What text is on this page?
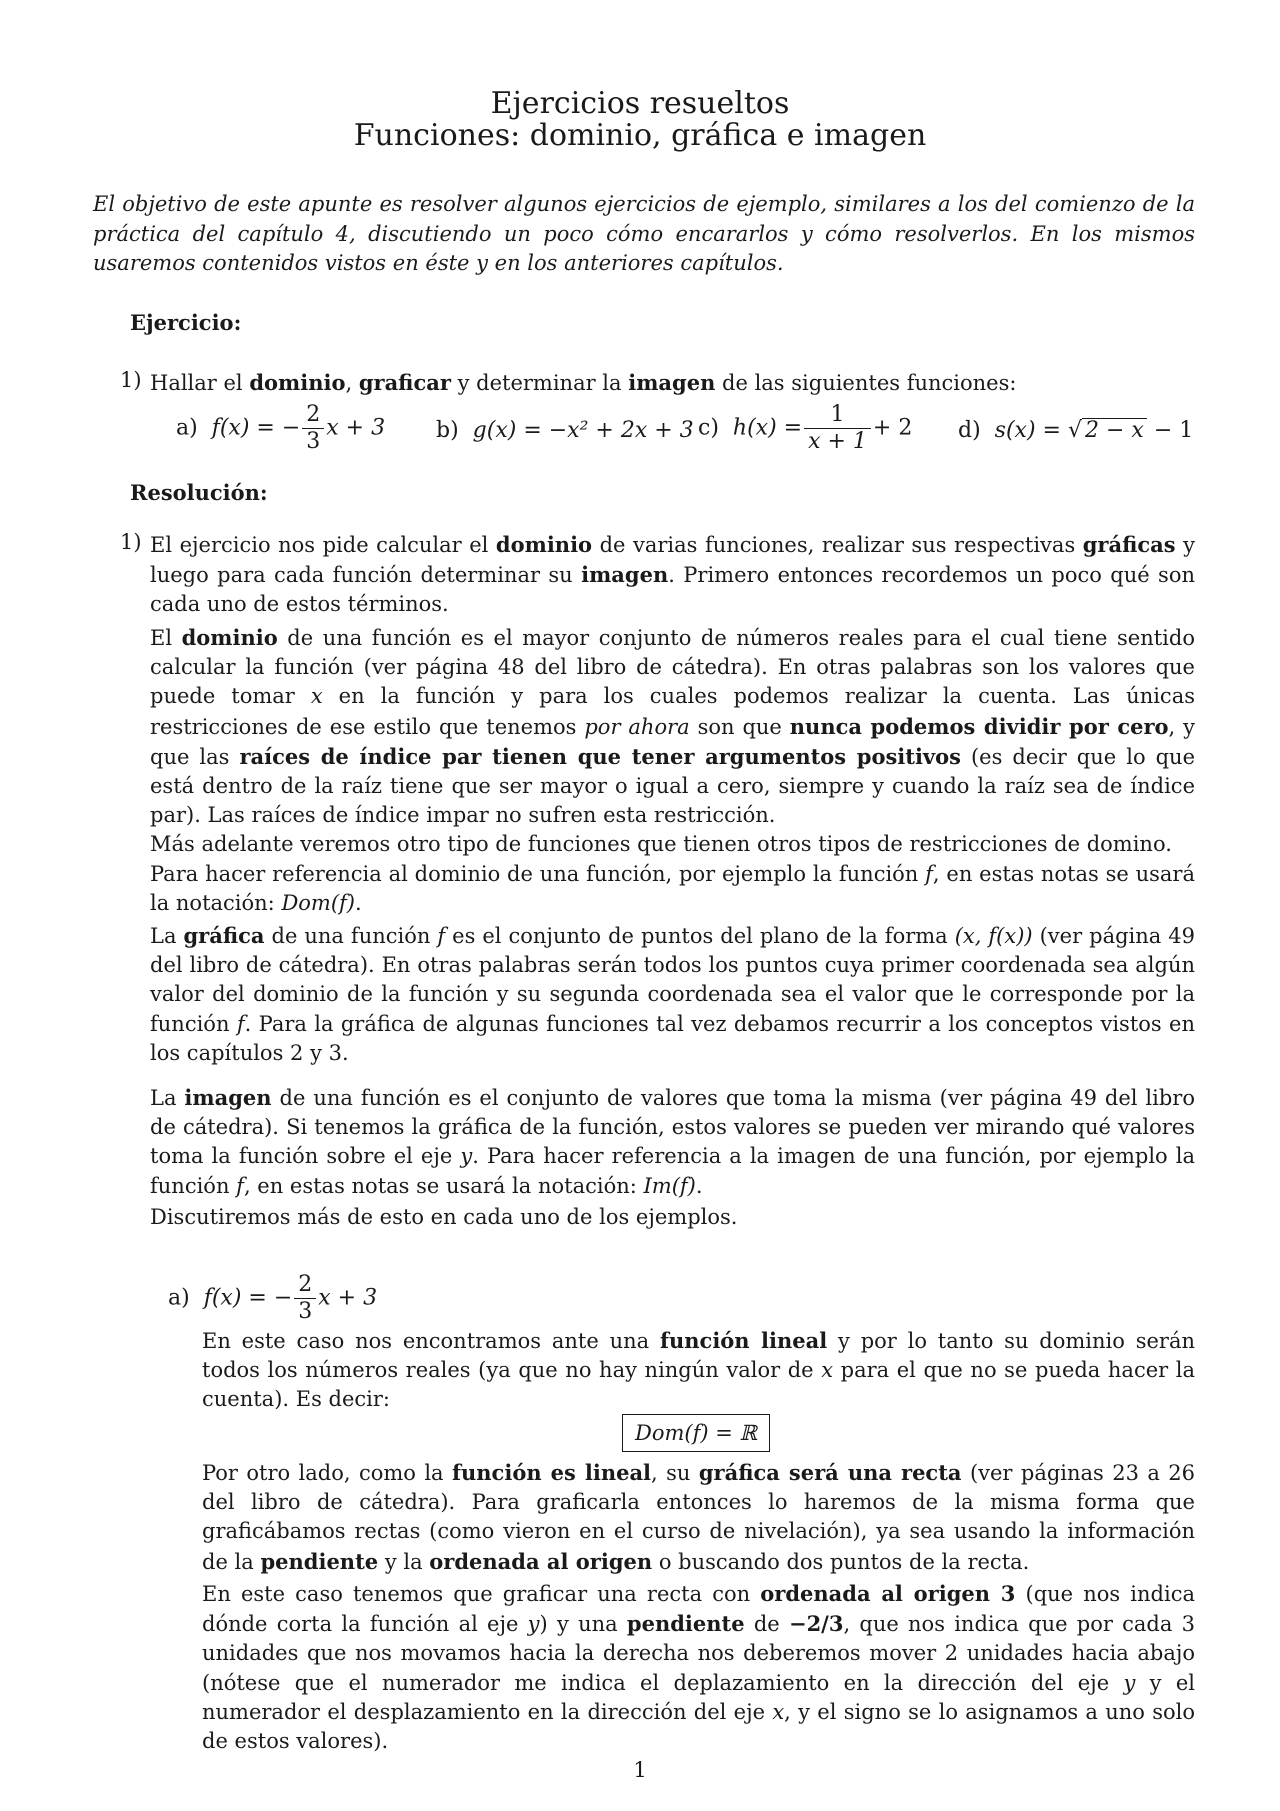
Ejercicios resueltos
Funciones: dominio, gráfica e imagen
El objetivo de este apunte es resolver algunos ejercicios de ejemplo, similares a los del comienzo de la práctica del capítulo 4, discutiendo un poco cómo encararlos y cómo resolverlos. En los mismos usaremos contenidos vistos en éste y en los anteriores capítulos.
Ejercicio:
1) Hallar el dominio, graficar y determinar la imagen de las siguientes funciones:
a) f(x) = − $\frac{2}{3}$ x + 3 b) g(x) = −x² + 2x + 3 c) $h(x) = \frac{1}{x + 1} + 2$ d) s(x) = √ 2 − x − 1
Resolución:
1) El ejercicio nos pide calcular el dominio de varias funciones, realizar sus respectivas gráficas y luego para cada función determinar su imagen. Primero entonces recordemos un poco qué son cada uno de estos términos.
El dominio de una función es el mayor conjunto de números reales para el cual tiene sentido calcular la función (ver página 48 del libro de cátedra). En otras palabras son los valores que puede tomar x en la función y para los cuales podemos realizar la cuenta. Las únicas restricciones de ese estilo que tenemos por ahora son que nunca podemos dividir por cero, y que las raíces de índice par tienen que tener argumentos positivos (es decir que lo que está dentro de la raíz tiene que ser mayor o igual a cero, siempre y cuando la raíz sea de índice par). Las raíces de índice impar no sufren esta restricción.
Más adelante veremos otro tipo de funciones que tienen otros tipos de restricciones de domino.
Para hacer referencia al dominio de una función, por ejemplo la función f, en estas notas se usará la notación: Dom(f).
La gráfica de una función f es el conjunto de puntos del plano de la forma (x, f(x)) (ver página 49 del libro de cátedra). En otras palabras serán todos los puntos cuya primer coordenada sea algún valor del dominio de la función y su segunda coordenada sea el valor que le corresponde por la función f. Para la gráfica de algunas funciones tal vez debamos recurrir a los conceptos vistos en los capítulos 2 y 3.
La imagen de una función es el conjunto de valores que toma la misma (ver página 49 del libro de cátedra). Si tenemos la gráfica de la función, estos valores se pueden ver mirando qué valores toma la función sobre el eje y. Para hacer referencia a la imagen de una función, por ejemplo la función f, en estas notas se usará la notación: Im(f).
Discutiremos más de esto en cada uno de los ejemplos.
a) f(x) = − $\frac{2}{3}$ x + 3
En este caso nos encontramos ante una función lineal y por lo tanto su dominio serán todos los números reales (ya que no hay ningún valor de x para el que no se pueda hacer la cuenta). Es decir:
Dom(f) = ℝ
Por otro lado, como la función es lineal, su gráfica será una recta (ver páginas 23 a 26 del libro de cátedra). Para graficarla entonces lo haremos de la misma forma que graficábamos rectas (como vieron en el curso de nivelación), ya sea usando la información de la pendiente y la ordenada al origen o buscando dos puntos de la recta.
En este caso tenemos que graficar una recta con ordenada al origen 3 (que nos indica dónde corta la función al eje y) y una pendiente de −2/3, que nos indica que por cada 3 unidades que nos movamos hacia la derecha nos deberemos mover 2 unidades hacia abajo (nótese que el numerador me indica el deplazamiento en la dirección del eje y y el numerador el desplazamiento en la dirección del eje x, y el signo se lo asignamos a uno solo de estos valores).
1
